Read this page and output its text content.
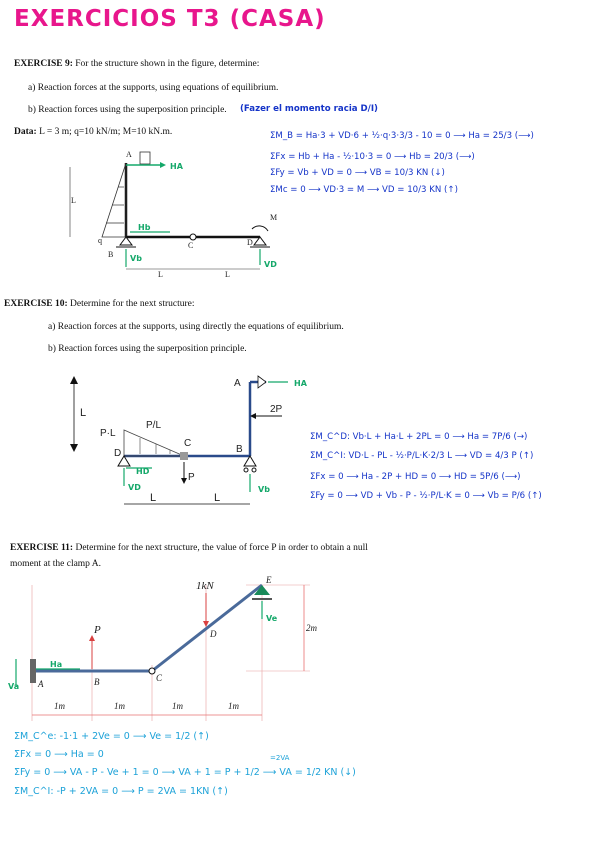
EXERCICIOS T3 (CASA)
EXERCISE 9: For the structure shown in the figure, determine:
a) Reaction forces at the supports, using equations of equilibrium.
b) Reaction forces using the superposition principle. (Fazer el momento racia D/I)
Data: L = 3 m; q=10 kN/m; M=10 kN.m.	ΣM_B = Ha·3 + VD·6 + ½·q·3·3/3 - 10 = 0 ⟶ Ha = 25/3 (⟶)
ΣFx = Hb + Ha - ½·10·3 = 0 ⟶ Hb = 20/3 (⟶)
ΣFy = Vb + VD = 0 ⟶ VB = 10/3 KN (↓)
ΣMc = 0 ⟶ VD·3 = M ⟶ VD = 10/3 KN (↑)
HA
A
L
q
B
Hb
Vb
C	D
M
VD
L	L
EXERCISE 10: Determine for the next structure:
a) Reaction forces at the supports, using directly the equations of equilibrium.
b) Reaction forces using the superposition principle.
ΣM_C^D: Vb·L + Ha·L + 2PL = 0 ⟶ Ha = 7P/6 (→)
ΣM_C^I: VD·L - PL - ½·P/L·K·2/3 L ⟶ VD = 4/3 P (↑)
ΣFx = 0 ⟶ Ha - 2P + HD = 0 ⟶ HD = 5P/6 (⟶)
ΣFy = 0 ⟶ VD + Vb - P - ½·P/L·K = 0 ⟶ Vb = P/6 (↑)
L
P·L
P/L
C
P
2P
A	HA
D
HD
VD
B
Vb
L	L
EXERCISE 11: Determine for the next structure, the value of force P in order to obtain a null
moment at the clamp A.
2m
Va
Ha
A
P
B	C
1kN
D
E
Ve
1m	1m	1m	1m
ΣM_C^e: -1·1 + 2Ve = 0 ⟶ Ve = 1/2 (↑)
ΣFx = 0 ⟶ Ha = 0
ΣFy = 0 ⟶ VA - P - Ve + 1 = 0 ⟶ VA + 1 = P + 1/2 ⟶ VA = 1/2 KN (↓)
ΣM_C^I: -P + 2VA = 0 ⟶ P = 2VA = 1KN (↑)
=2VA
